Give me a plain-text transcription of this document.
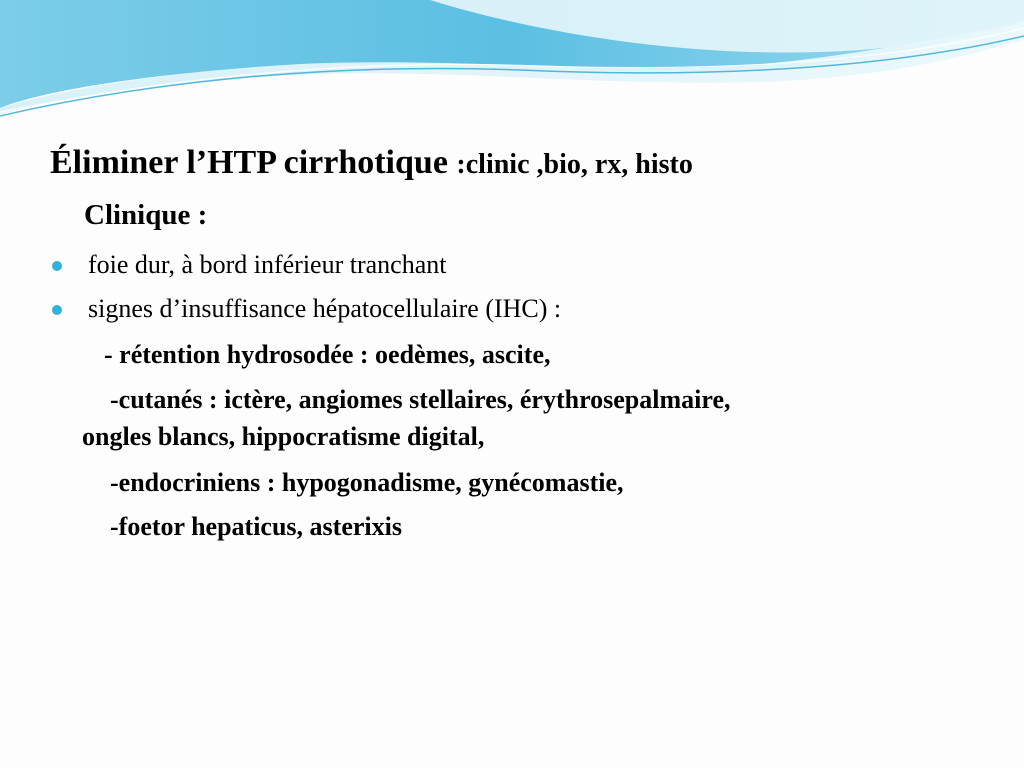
Éliminer l’HTP cirrhotique :clinic ,bio, rx, histo
Clinique :
foie dur, à bord inférieur tranchant
signes d’insuffisance hépatocellulaire (IHC) :
- rétention hydrosodée : oedèmes, ascite,
-cutanés : ictère, angiomes stellaires, érythrosepalmaire,
ongles blancs, hippocratisme digital,
-endocriniens : hypogonadisme, gynécomastie,
-foetor hepaticus, asterixis
